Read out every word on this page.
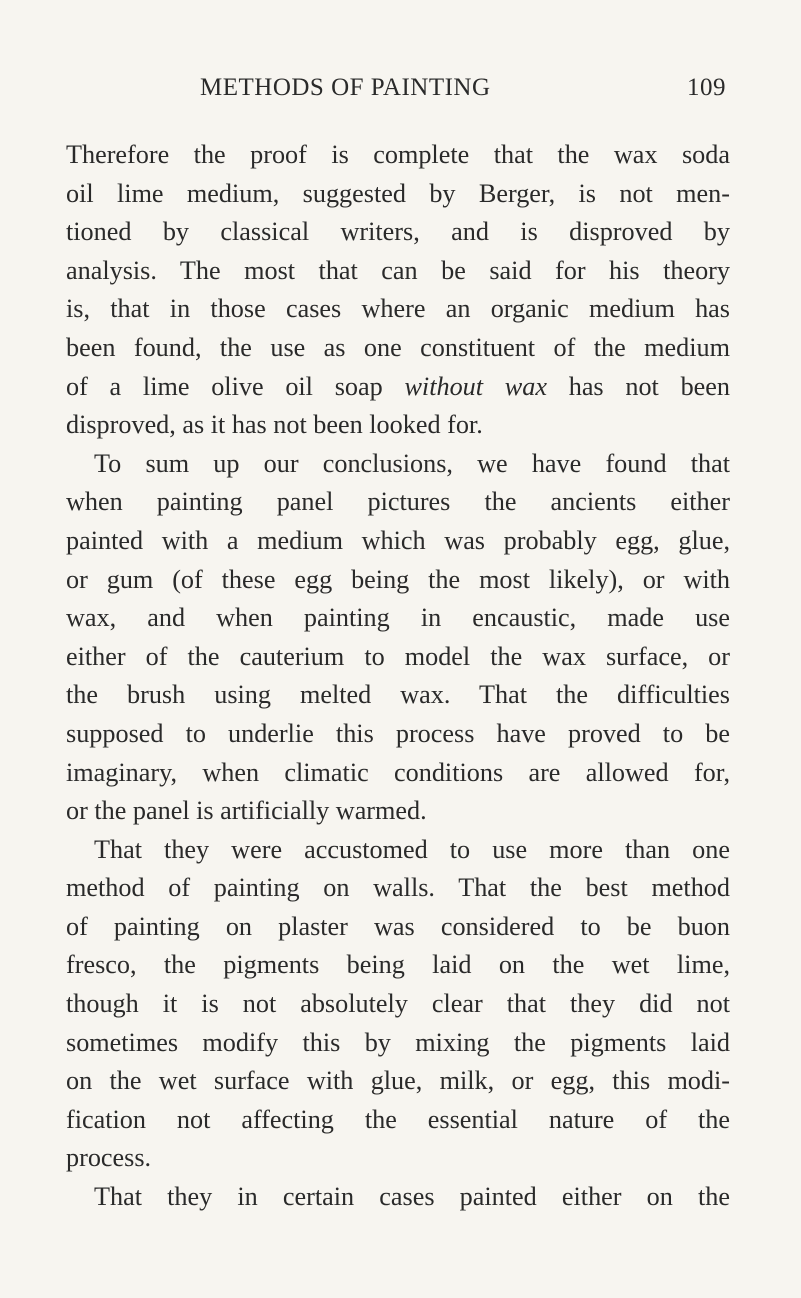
METHODS OF PAINTING	109
Therefore the proof is complete that the wax soda
oil lime medium, suggested by Berger, is not men-
tioned by classical writers, and is disproved by
analysis. The most that can be said for his theory
is, that in those cases where an organic medium has
been found, the use as one constituent of the medium
of a lime olive oil soap without wax has not been
disproved, as it has not been looked for.
To sum up our conclusions, we have found that
when painting panel pictures the ancients either
painted with a medium which was probably egg, glue,
or gum (of these egg being the most likely), or with
wax, and when painting in encaustic, made use
either of the cauterium to model the wax surface, or
the brush using melted wax. That the difficulties
supposed to underlie this process have proved to be
imaginary, when climatic conditions are allowed for,
or the panel is artificially warmed.
That they were accustomed to use more than one
method of painting on walls. That the best method
of painting on plaster was considered to be buon
fresco, the pigments being laid on the wet lime,
though it is not absolutely clear that they did not
sometimes modify this by mixing the pigments laid
on the wet surface with glue, milk, or egg, this modi-
fication not affecting the essential nature of the
process.
That they in certain cases painted either on the
